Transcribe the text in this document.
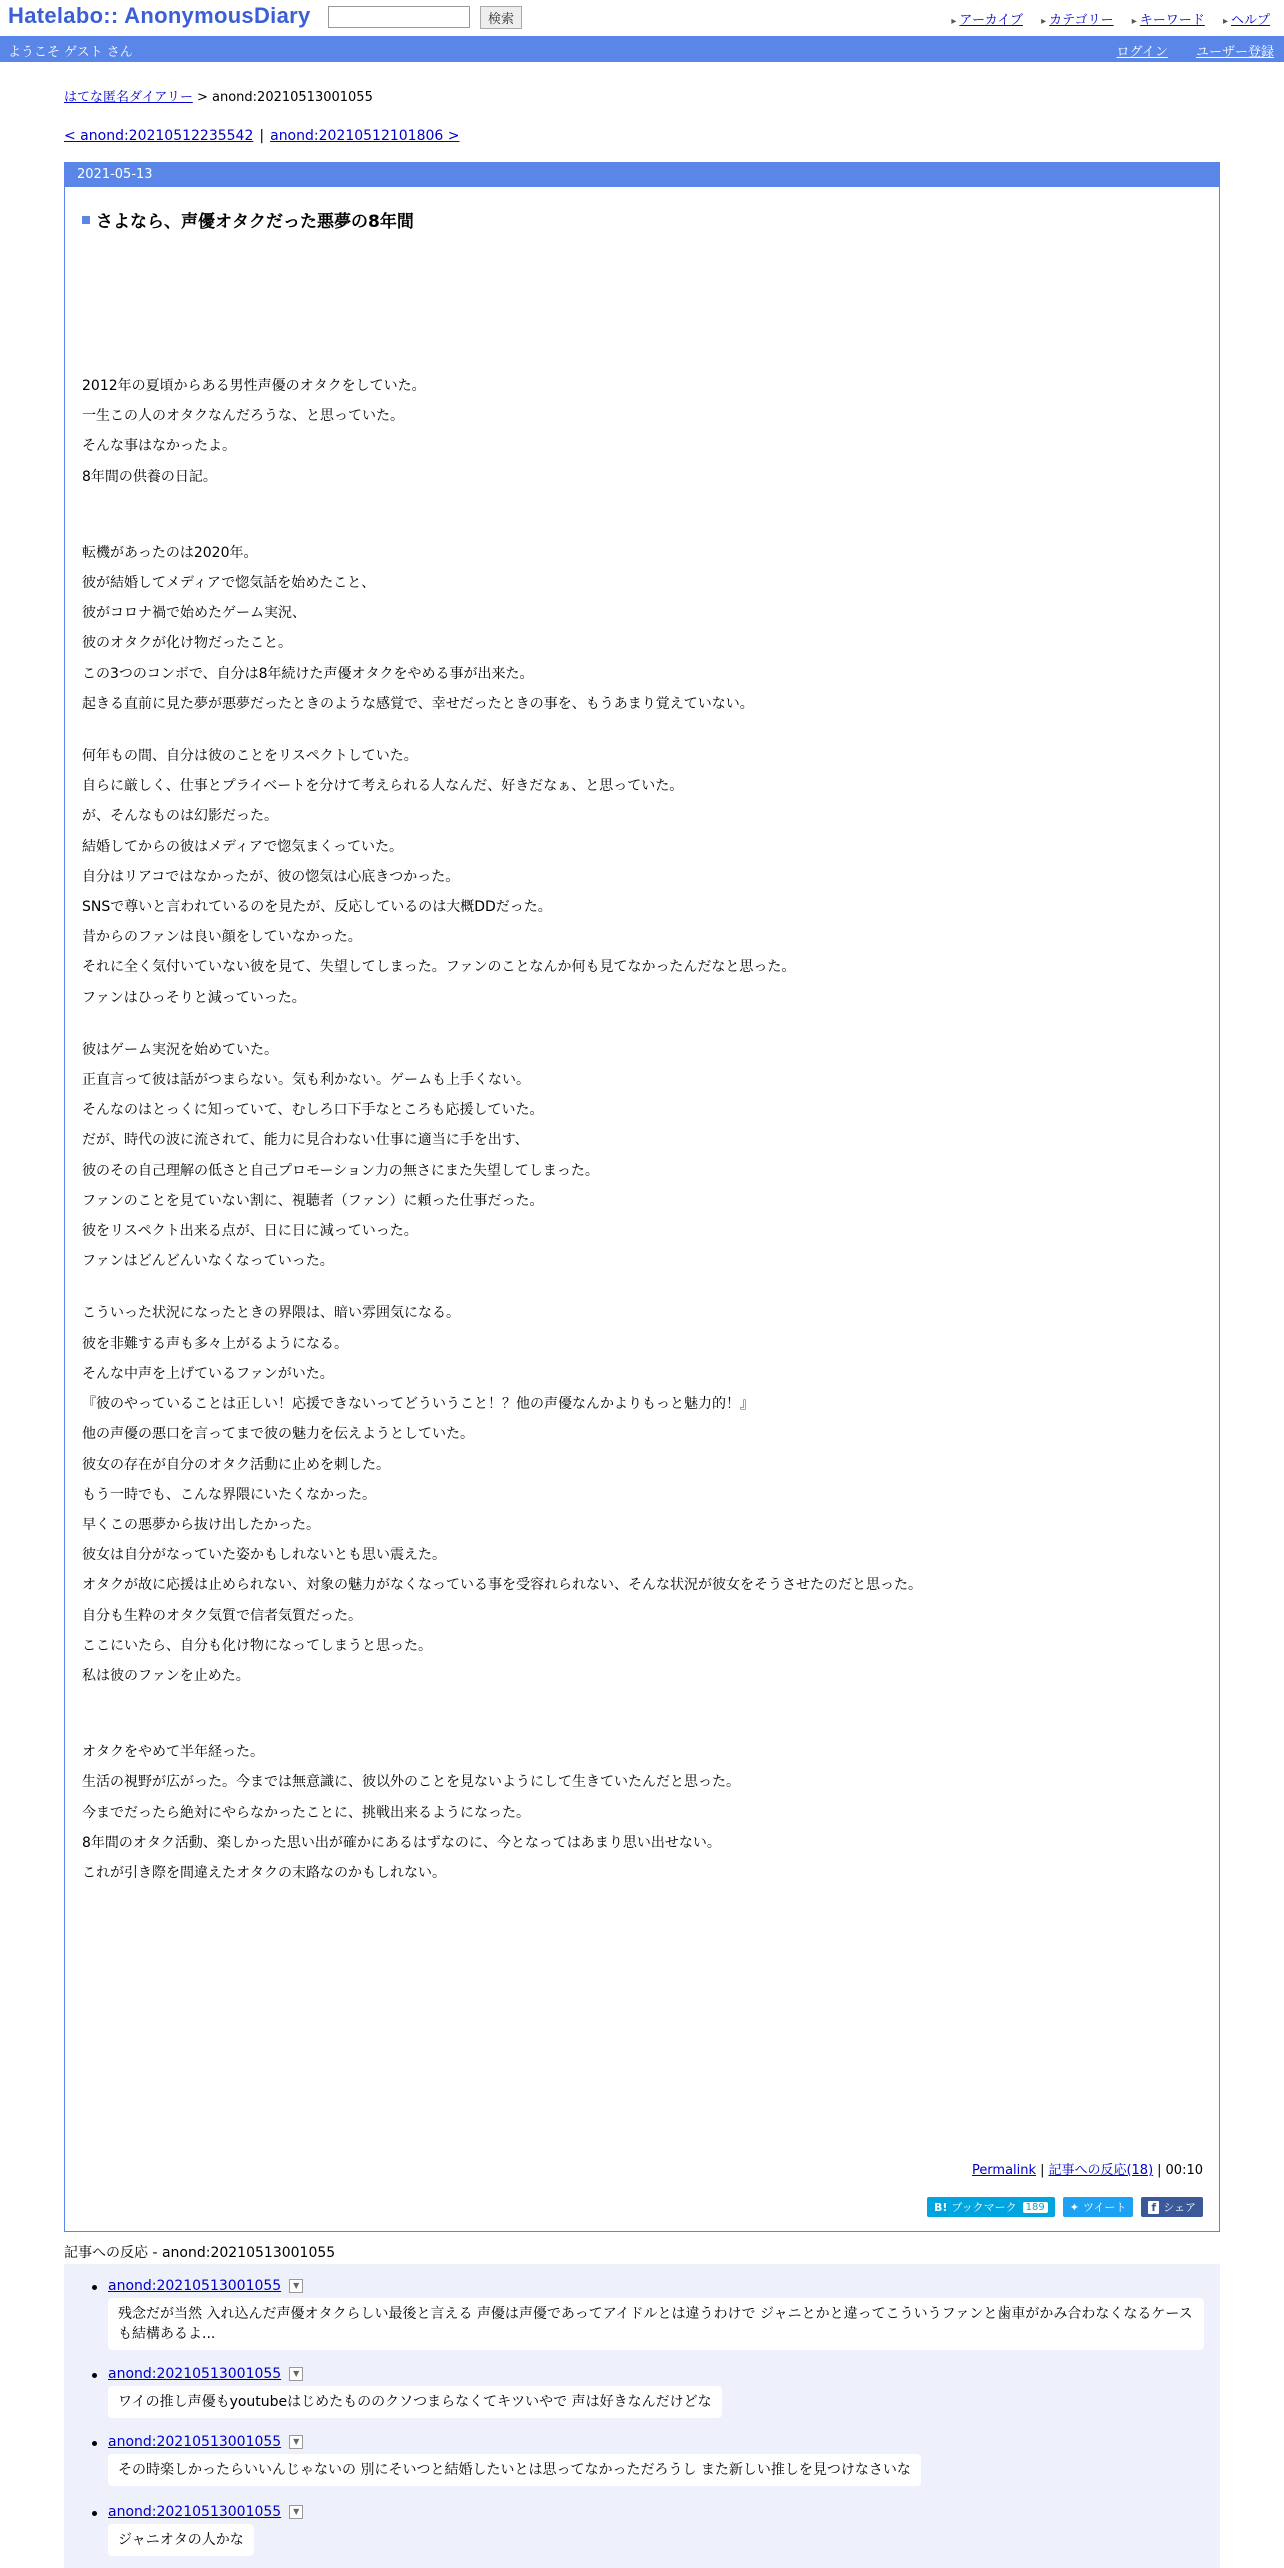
Hatelabo:: AnonymousDiary	検索	▸ アーカイブ ▸ カテゴリー ▸ キーワード ▸ ヘルプ
ようこそ ゲスト さん	ログイン ユーザー登録
はてな匿名ダイアリー > anond:20210513001055
< anond:20210512235542 | anond:20210512101806 >
2021-05-13
さよなら、声優オタクだった悪夢の8年間

2012年の夏頃からある男性声優のオタクをしていた。

一生この人のオタクなんだろうな、と思っていた。

そんな事はなかったよ。

8年間の供養の日記。

転機があったのは2020年。

彼が結婚してメディアで惚気話を始めたこと、

彼がコロナ禍で始めたゲーム実況、

彼のオタクが化け物だったこと。

この3つのコンボで、自分は8年続けた声優オタクをやめる事が出来た。

起きる直前に見た夢が悪夢だったときのような感覚で、幸せだったときの事を、もうあまり覚えていない。

何年もの間、自分は彼のことをリスペクトしていた。

自らに厳しく、仕事とプライベートを分けて考えられる人なんだ、好きだなぁ、と思っていた。

が、そんなものは幻影だった。

結婚してからの彼はメディアで惚気まくっていた。

自分はリアコではなかったが、彼の惚気は心底きつかった。

SNSで尊いと言われているのを見たが、反応しているのは大概DDだった。

昔からのファンは良い顔をしていなかった。

それに全く気付いていない彼を見て、失望してしまった。ファンのことなんか何も見てなかったんだなと思った。

ファンはひっそりと減っていった。

彼はゲーム実況を始めていた。

正直言って彼は話がつまらない。気も利かない。ゲームも上手くない。

そんなのはとっくに知っていて、むしろ口下手なところも応援していた。

だが、時代の波に流されて、能力に見合わない仕事に適当に手を出す、

彼のその自己理解の低さと自己プロモーション力の無さにまた失望してしまった。

ファンのことを見ていない割に、視聴者（ファン）に頼った仕事だった。

彼をリスペクト出来る点が、日に日に減っていった。

ファンはどんどんいなくなっていった。

こういった状況になったときの界隈は、暗い雰囲気になる。

彼を非難する声も多々上がるようになる。

そんな中声を上げているファンがいた。

『彼のやっていることは正しい！応援できないってどういうこと！？他の声優なんかよりもっと魅力的！』

他の声優の悪口を言ってまで彼の魅力を伝えようとしていた。

彼女の存在が自分のオタク活動に止めを刺した。

もう一時でも、こんな界隈にいたくなかった。

早くこの悪夢から抜け出したかった。

彼女は自分がなっていた姿かもしれないとも思い震えた。

オタクが故に応援は止められない、対象の魅力がなくなっている事を受容れられない、そんな状況が彼女をそうさせたのだと思った。

自分も生粋のオタク気質で信者気質だった。

ここにいたら、自分も化け物になってしまうと思った。

私は彼のファンを止めた。

オタクをやめて半年経った。

生活の視野が広がった。今までは無意識に、彼以外のことを見ないようにして生きていたんだと思った。

今までだったら絶対にやらなかったことに、挑戦出来るようになった。

8年間のオタク活動、楽しかった思い出が確かにあるはずなのに、今となってはあまり思い出せない。

これが引き際を間違えたオタクの末路なのかもしれない。

Permalink | 記事への反応(18) | 00:10
B! ブックマーク 189 ✦ ツイート f シェア
記事への反応 - anond:20210513001055
anond:20210513001055 ▼
残念だが当然 入れ込んだ声優オタクらしい最後と言える 声優は声優であってアイドルとは違うわけで ジャニとかと違ってこういうファンと歯車がかみ合わなくなるケースも結構あるよ...
anond:20210513001055 ▼
ワイの推し声優もyoutubeはじめたもののクソつまらなくてキツいやで 声は好きなんだけどな
anond:20210513001055 ▼
その時楽しかったらいいんじゃないの 別にそいつと結婚したいとは思ってなかっただろうし また新しい推しを見つけなさいな
anond:20210513001055 ▼
ジャニオタの人かな
